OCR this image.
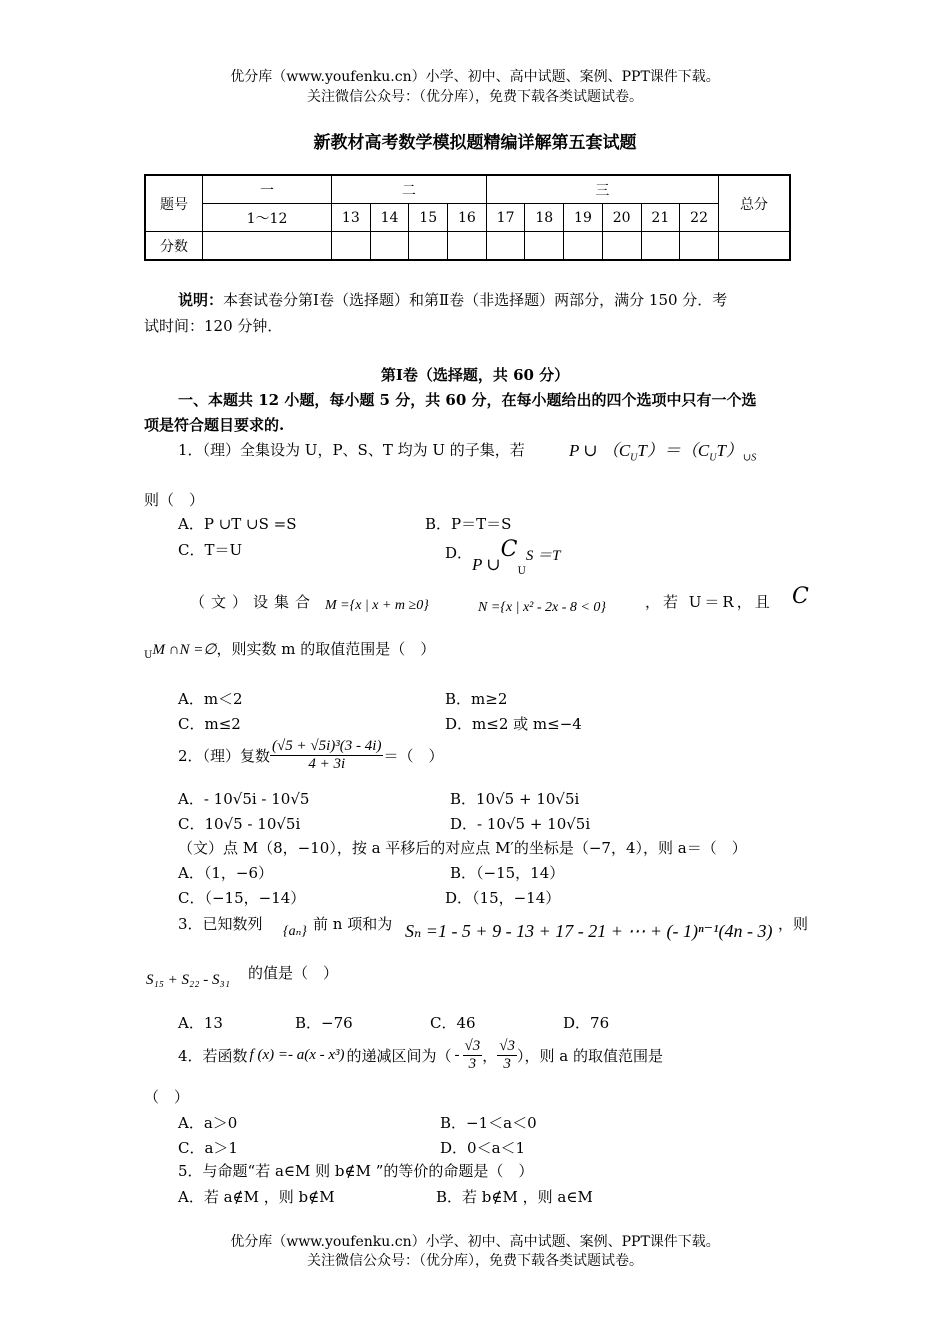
优分库（www.youfenku.cn）小学、初中、高中试题、案例、PPT课件下载。
关注微信公众号：（优分库），免费下载各类试题试卷。
新教材高考数学模拟题精编详解第五套试题
题号	一	二				三						总分
	1～12	13	14	15	16	17	18	19	20	21	22	
分数												
说明：本套试卷分第Ⅰ卷（选择题）和第Ⅱ卷（非选择题）两部分，满分 150 分．考
试时间：120 分钟．
第Ⅰ卷（选择题，共 60 分）
一、本题共 12 小题，每小题 5 分，共 60 分，在每小题给出的四个选项中只有一个选
项是符合题目要求的.
1．（理）全集设为 U，P、S、T 均为 U 的子集，若	P ∪ $(C_UT)=(C_UT)_{\cup S}$
则（　）
A．P ∪T ∪S =S	B．P＝T＝S
C．T＝U	D．P $\cup C_US =T$
（文）设集合 M ={x | x + m ≥0}	N ={x | x² - 2x - 8 < 0}	，若 U＝R，且 C
$_U$M ∩N =∅，则实数 m 的取值范围是（　）
A．m＜2	B．m≥2
C．m≤2	D．m≤2 或 m≤−4
2．（理）复数 $\frac{\text{(√5 + √5i)³(3 - 4i)}}{4 + 3i}$ ＝（　）
A．- 10√5i - 10√5	B．10√5 + 10√5i
C．10√5 - 10√5i	D．- 10√5 + 10√5i
（文）点 M（8，−10），按 a 平移后的对应点 M′的坐标是（−7，4），则 a＝（　）
A．（1，−6）	B．（−15，14）
C．（−15，−14）	D．（15，−14）
3．已知数列 {aₙ} 前 n 项和为 Sₙ =1 - 5 + 9 - 13 + 17 - 21 + ⋯ + (- 1)ⁿ⁻¹(4n - 3) ，则
S₁₅ + S₂₂ - S₃₁ 的值是（　）
A．13	B．−76	C．46	D．76
4．若函数 f (x) =- a(x - x³) 的递减区间为（ - $\frac{√3}{3}$ ， $\frac{√3}{3}$ ），则 a 的取值范围是
（　）
A．a＞0	B．−1＜a＜0
C．a＞1	D．0＜a＜1
5．与命题“若 a∈M 则 b∉M ”的等价的命题是（　）
A．若 a∉M ，则 b∉M	B．若 b∉M ，则 a∈M
优分库（www.youfenku.cn）小学、初中、高中试题、案例、PPT课件下载。
关注微信公众号：（优分库），免费下载各类试题试卷。
